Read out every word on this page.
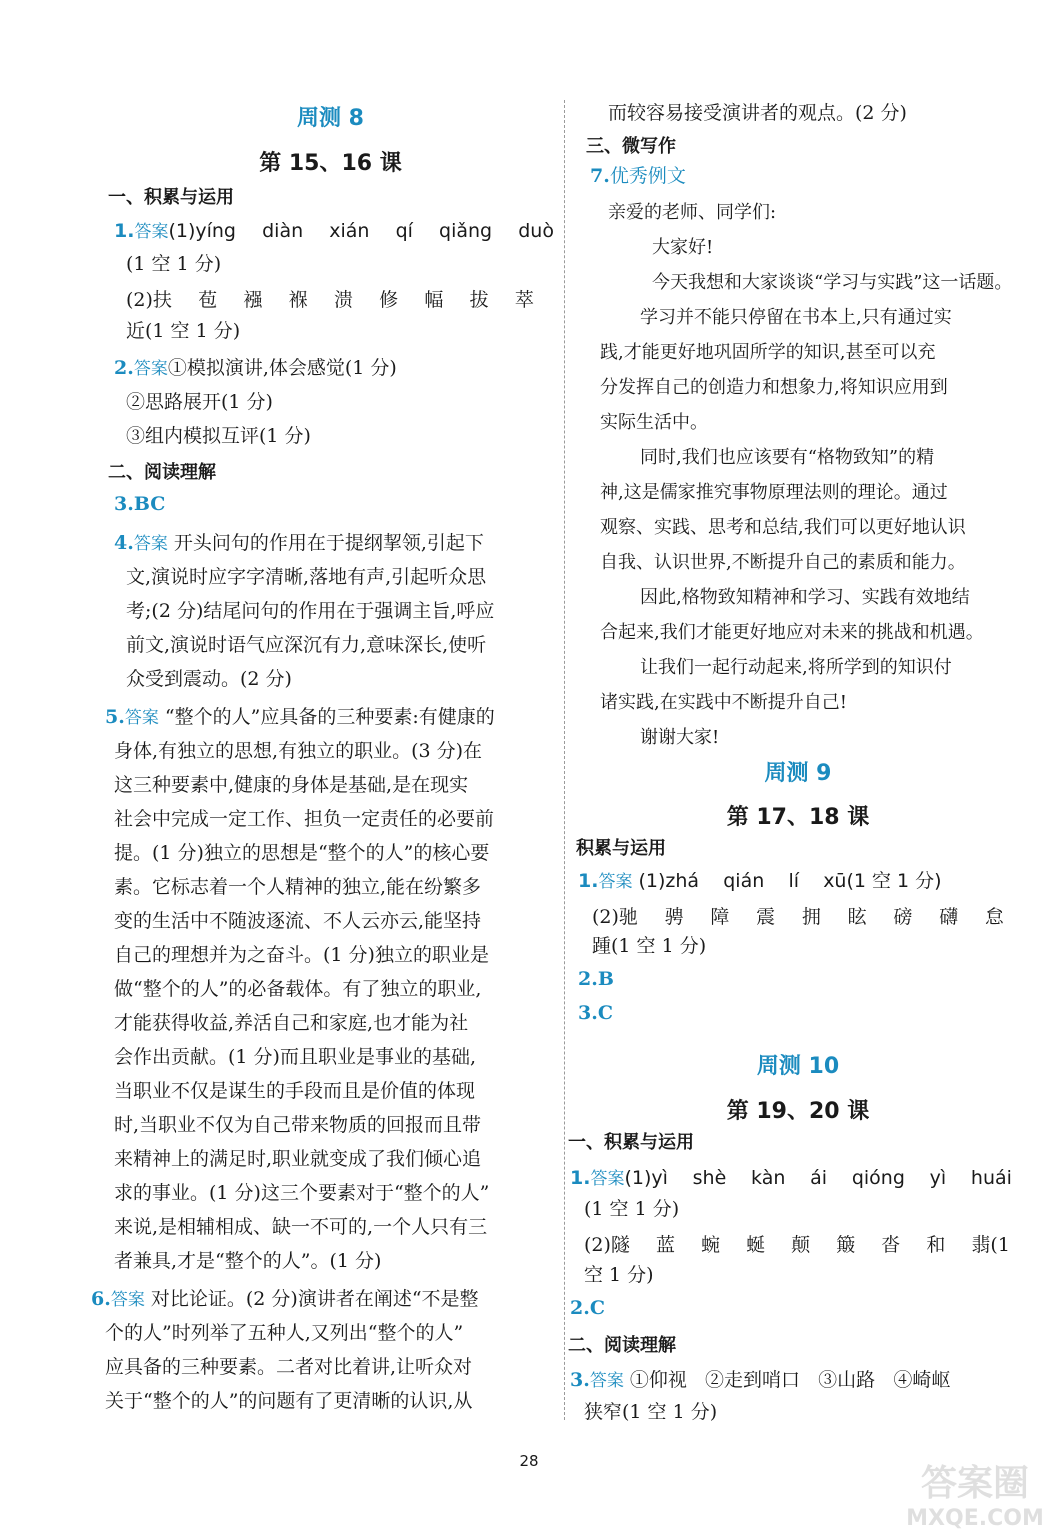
周测 8
第 15、16 课
一、积累与运用
1.答案(1)yíng diàn xián qí qiǎng duò
(1 空 1 分)
(2)扶 苞 襁 褓 溃 修 幅 拔 萃
近(1 空 1 分)
2.答案①模拟演讲,体会感觉(1 分)
②思路展开(1 分)
③组内模拟互评(1 分)
二、阅读理解
3.BC
4.答案 开头问句的作用在于提纲挈领,引起下
文,演说时应字字清晰,落地有声,引起听众思
考;(2 分)结尾问句的作用在于强调主旨,呼应
前文,演说时语气应深沉有力,意味深长,使听
众受到震动。(2 分)
5.答案 “整个的人”应具备的三种要素:有健康的
身体,有独立的思想,有独立的职业。(3 分)在
这三种要素中,健康的身体是基础,是在现实
社会中完成一定工作、担负一定责任的必要前
提。(1 分)独立的思想是“整个的人”的核心要
素。它标志着一个人精神的独立,能在纷繁多
变的生活中不随波逐流、不人云亦云,能坚持
自己的理想并为之奋斗。(1 分)独立的职业是
做“整个的人”的必备载体。有了独立的职业,
才能获得收益,养活自己和家庭,也才能为社
会作出贡献。(1 分)而且职业是事业的基础,
当职业不仅是谋生的手段而且是价值的体现
时,当职业不仅为自己带来物质的回报而且带
来精神上的满足时,职业就变成了我们倾心追
求的事业。(1 分)这三个要素对于“整个的人”
来说,是相辅相成、缺一不可的,一个人只有三
者兼具,才是“整个的人”。(1 分)
6.答案 对比论证。(2 分)演讲者在阐述“不是整
个的人”时列举了五种人,又列出“整个的人”
应具备的三种要素。二者对比着讲,让听众对
关于“整个的人”的问题有了更清晰的认识,从
而较容易接受演讲者的观点。(2 分)
三、微写作
7.优秀例文
亲爱的老师、同学们:
大家好!
今天我想和大家谈谈“学习与实践”这一话题。
学习并不能只停留在书本上,只有通过实
践,才能更好地巩固所学的知识,甚至可以充
分发挥自己的创造力和想象力,将知识应用到
实际生活中。
同时,我们也应该要有“格物致知”的精
神,这是儒家推究事物原理法则的理论。通过
观察、实践、思考和总结,我们可以更好地认识
自我、认识世界,不断提升自己的素质和能力。
因此,格物致知精神和学习、实践有效地结
合起来,我们才能更好地应对未来的挑战和机遇。
让我们一起行动起来,将所学到的知识付
诸实践,在实践中不断提升自己!
谢谢大家!
周测 9
第 17、18 课
积累与运用
1.答案 (1)zhá qián lí xū(1 空 1 分)
(2)驰 骋 障 震 拥 眩 磅 礴 怠
踵(1 空 1 分)
2.B
3.C
周测 10
第 19、20 课
一、积累与运用
1.答案(1)yì shè kàn ái qióng yì huái
(1 空 1 分)
(2)隧 蓝 蜿 蜒 颠 簸 沓 和 翡(1
空 1 分)
2.C
二、阅读理解
3.答案 ①仰视 ②走到哨口 ③山路 ④崎岖
狭窄(1 空 1 分)
28
答案圈
MXQE.COM
